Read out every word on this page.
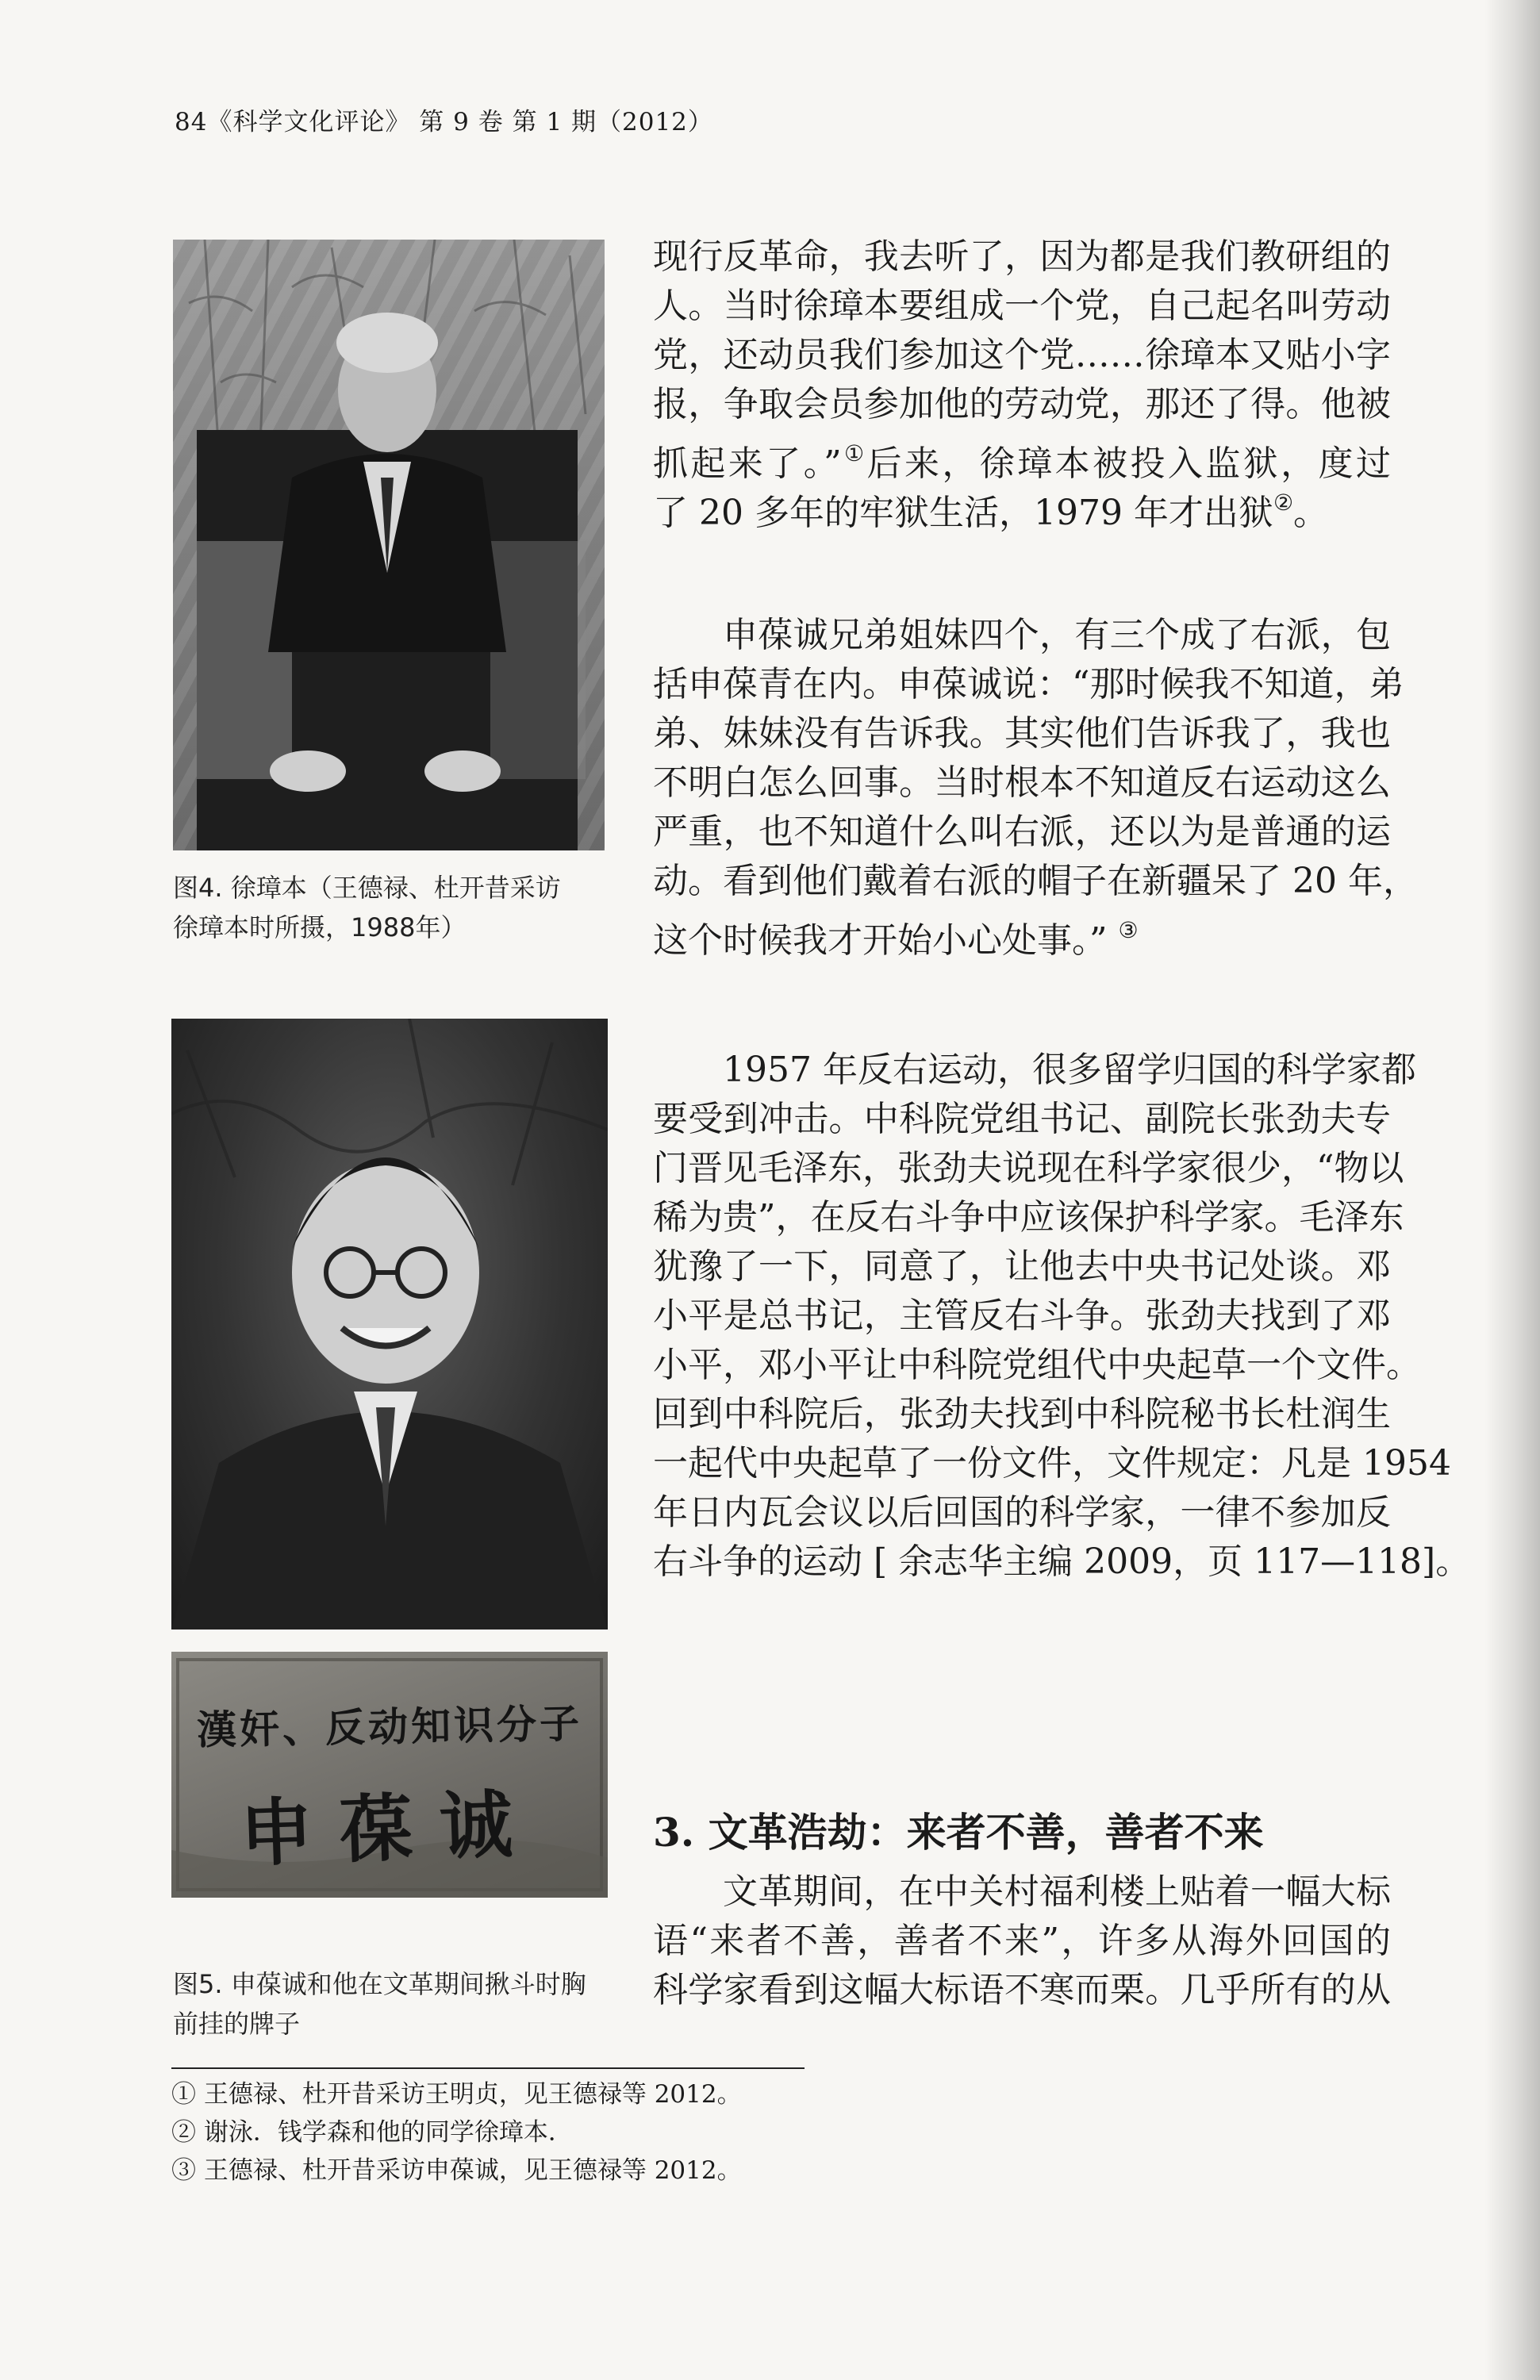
84《科学文化评论》 第 9 卷 第 1 期（2012）
图4. 徐璋本（王德禄、杜开昔采访
徐璋本时所摄，1988年）
漢奸、反动知识分子
申葆诚
图5. 申葆诚和他在文革期间揪斗时胸
前挂的牌子
现行反革命，我去听了，因为都是我们教研组的
人。当时徐璋本要组成一个党，自己起名叫劳动
党，还动员我们参加这个党……徐璋本又贴小字
报，争取会员参加他的劳动党，那还了得。他被
抓起来了。”①后来，徐璋本被投入监狱，度过
了 20 多年的牢狱生活，1979 年才出狱②。
申葆诚兄弟姐妹四个，有三个成了右派，包
括申葆青在内。申葆诚说：“那时候我不知道，弟
弟、妹妹没有告诉我。其实他们告诉我了，我也
不明白怎么回事。当时根本不知道反右运动这么
严重，也不知道什么叫右派，还以为是普通的运
动。看到他们戴着右派的帽子在新疆呆了 20 年，
这个时候我才开始小心处事。” ③
1957 年反右运动，很多留学归国的科学家都
要受到冲击。中科院党组书记、副院长张劲夫专
门晋见毛泽东，张劲夫说现在科学家很少，“物以
稀为贵”，在反右斗争中应该保护科学家。毛泽东
犹豫了一下，同意了，让他去中央书记处谈。邓
小平是总书记，主管反右斗争。张劲夫找到了邓
小平，邓小平让中科院党组代中央起草一个文件。
回到中科院后，张劲夫找到中科院秘书长杜润生
一起代中央起草了一份文件，文件规定：凡是 1954
年日内瓦会议以后回国的科学家，一律不参加反
右斗争的运动 [ 余志华主编 2009，页 117—118]。
3. 文革浩劫：来者不善，善者不来
文革期间，在中关村福利楼上贴着一幅大标
语“来者不善，善者不来”，许多从海外回国的
科学家看到这幅大标语不寒而栗。几乎所有的从
① 王德禄、杜开昔采访王明贞，见王德禄等 2012。
② 谢泳．钱学森和他的同学徐璋本．
③ 王德禄、杜开昔采访申葆诚，见王德禄等 2012。
